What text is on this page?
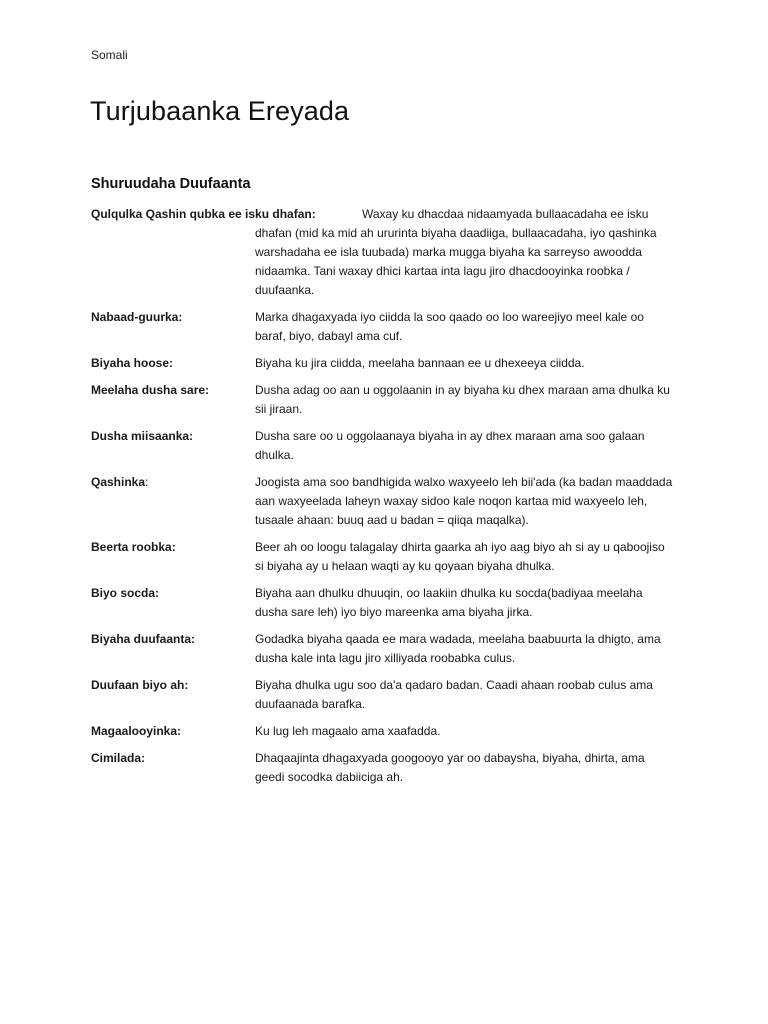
Somali
Turjubaanka Ereyada
Shuruudaha Duufaanta
Qulqulka Qashin qubka ee isku dhafan:	Waxay ku dhacdaa nidaamyada bullaacadaha ee isku dhafan (mid ka mid ah ururinta biyaha daadiiga, bullaacadaha, iyo qashinka warshadaha ee isla tuubada) marka mugga biyaha ka sarreyso awoodda nidaamka. Tani waxay dhici kartaa inta lagu jiro dhacdooyinka roobka / duufaanka.
Nabaad-guurka:	Marka dhagaxyada iyo ciidda la soo qaado oo loo wareejiyo meel kale oo baraf, biyo, dabayl ama cuf.
Biyaha hoose:	Biyaha ku jira ciidda, meelaha bannaan ee u dhexeeya ciidda.
Meelaha dusha sare:	Dusha adag oo aan u oggolaanin in ay biyaha ku dhex maraan ama dhulka ku sii jiraan.
Dusha miisaanka:	Dusha sare oo u oggolaanaya biyaha in ay dhex maraan ama soo galaan dhulka.
Qashinka:	Joogista ama soo bandhigida walxo waxyeelo leh bii'ada (ka badan maaddada aan waxyeelada laheyn waxay sidoo kale noqon kartaa mid waxyeelo leh, tusaale ahaan: buuq aad u badan = qiiqa maqalka).
Beerta roobka:	Beer ah oo loogu talagalay dhirta gaarka ah iyo aag biyo ah si ay u qaboojiso si biyaha ay u helaan waqti ay ku qoyaan biyaha dhulka.
Biyo socda:	Biyaha aan dhulku dhuuqin, oo laakiin dhulka ku socda(badiyaa meelaha dusha sare leh) iyo biyo mareenka ama biyaha jirka.
Biyaha duufaanta:	Godadka biyaha qaada ee mara wadada, meelaha baabuurta la dhigto, ama dusha kale inta lagu jiro xilliyada roobabka culus.
Duufaan biyo ah:	Biyaha dhulka ugu soo da'a qadaro badan. Caadi ahaan roobab culus ama duufaanada barafka.
Magaalooyinka:	Ku lug leh magaalo ama xaafadda.
Cimilada:	Dhaqaajinta dhagaxyada googooyo yar oo dabaysha, biyaha, dhirta, ama geedi socodka dabiiciga ah.
